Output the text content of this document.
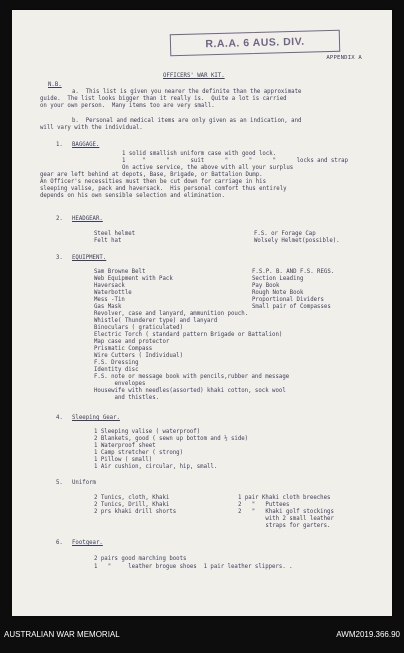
R.A.A. 6 AUS. DIV.
APPENDIX A
OFFICERS' WAR KIT.
N.B.
a.  This list is given you nearer the definite than the approximate
guide.  The list looks bigger than it really is.  Quite a lot is carried
on your own person.  Many items too are very small.
b.  Personal and medical items are only given as an indication, and
will vary with the individual.
1. BAGGAGE.
1 solid smallish uniform case with good lock.
1     "      "      suit      "      "      "      locks and strap
On active service, the above with all your surplus
gear are left behind at depots, Base, Brigade, or Battalion Dump.
An Officer's necessities must then be cut down for carriage in his
sleeping valise, pack and haversack.  His personal comfort thus entirely
depends on his own sensible selection and elimination.
2. HEADGEAR.
Steel helmet
Felt hat
F.S. or Forage Cap
Wolsely Helmet(possible).
3. EQUIPMENT.
Sam Browne Belt
Web Equipment with Pack
Haversack
Waterbottle
Mess -Tin
Gas Mask
F.S.P. B. AND F.S. REGS.
Section Leading
Pay Book
Rough Note Book
Proportional Dividers
Small pair of Compasses
Revolver, case and lanyard, ammunition pouch.
Whistle( Thunderer type) and lanyard
Binoculars ( graticulated)
Electric Torch ( standard pattern Brigade or Battalion)
Map case and protector
Prismatic Compass
Wire Cutters ( Individual)
F.S. Dressing
Identity disc
F.S. note or message book with pencils,rubber and message
envelopes
Housewife with needles(assorted) khaki cotton, sock wool
and thistles.
4. Sleeping Gear.
1 Sleeping valise ( waterproof)
2 Blankets, good ( sewn up bottom and ½ side)
1 Waterproof sheet
1 Camp stretcher ( strong)
1 Pillow ( small)
1 Air cushion, circular, hip, small.
5. Uniform
2 Tunics, cloth, Khaki
2 Tunics, Drill, Khaki
2 prs khaki drill shorts
1 pair Khaki cloth breeches
2   "   Puttees
2   "   Khaki golf stockings
with 2 small leather
straps for garters.
6. Footgear.
2 pairs good marching boots
1   "     leather brogue shoes  1 pair leather slippers. .
AUSTRALIAN WAR MEMORIAL	AWM2019.366.90
